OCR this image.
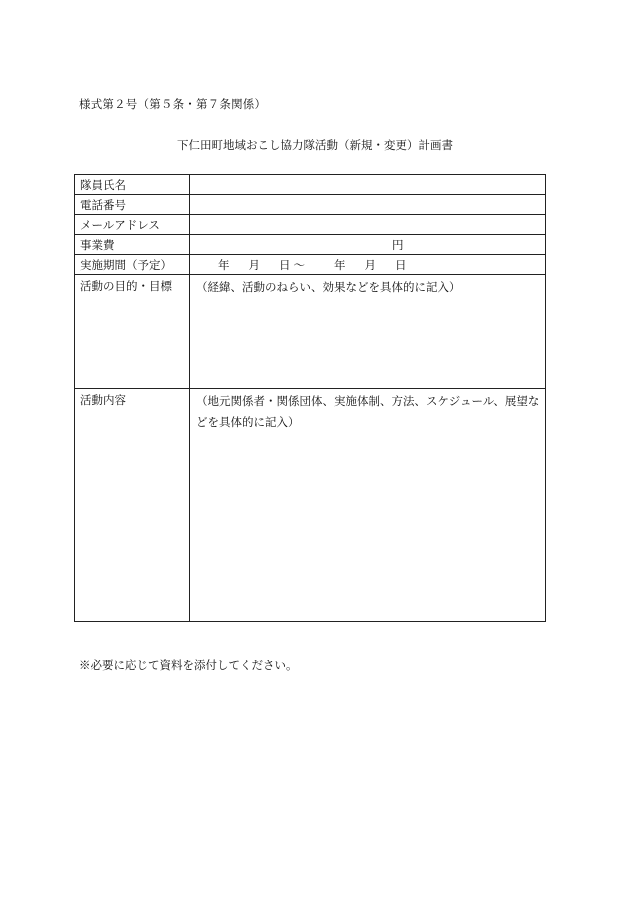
様式第２号（第５条・第７条関係）
下仁田町地域おこし協力隊活動（新規・変更）計画書
隊員氏名	
電話番号	
メールアドレス	
事業費	円
実施期間（予定）	年 月 日 ～ 年 月 日
活動の目的・目標	（経緯、活動のねらい、効果などを具体的に記入）
活動内容	（地元関係者・関係団体、実施体制、方法、スケジュール、展望などを具体的に記入）
※必要に応じて資料を添付してください。
